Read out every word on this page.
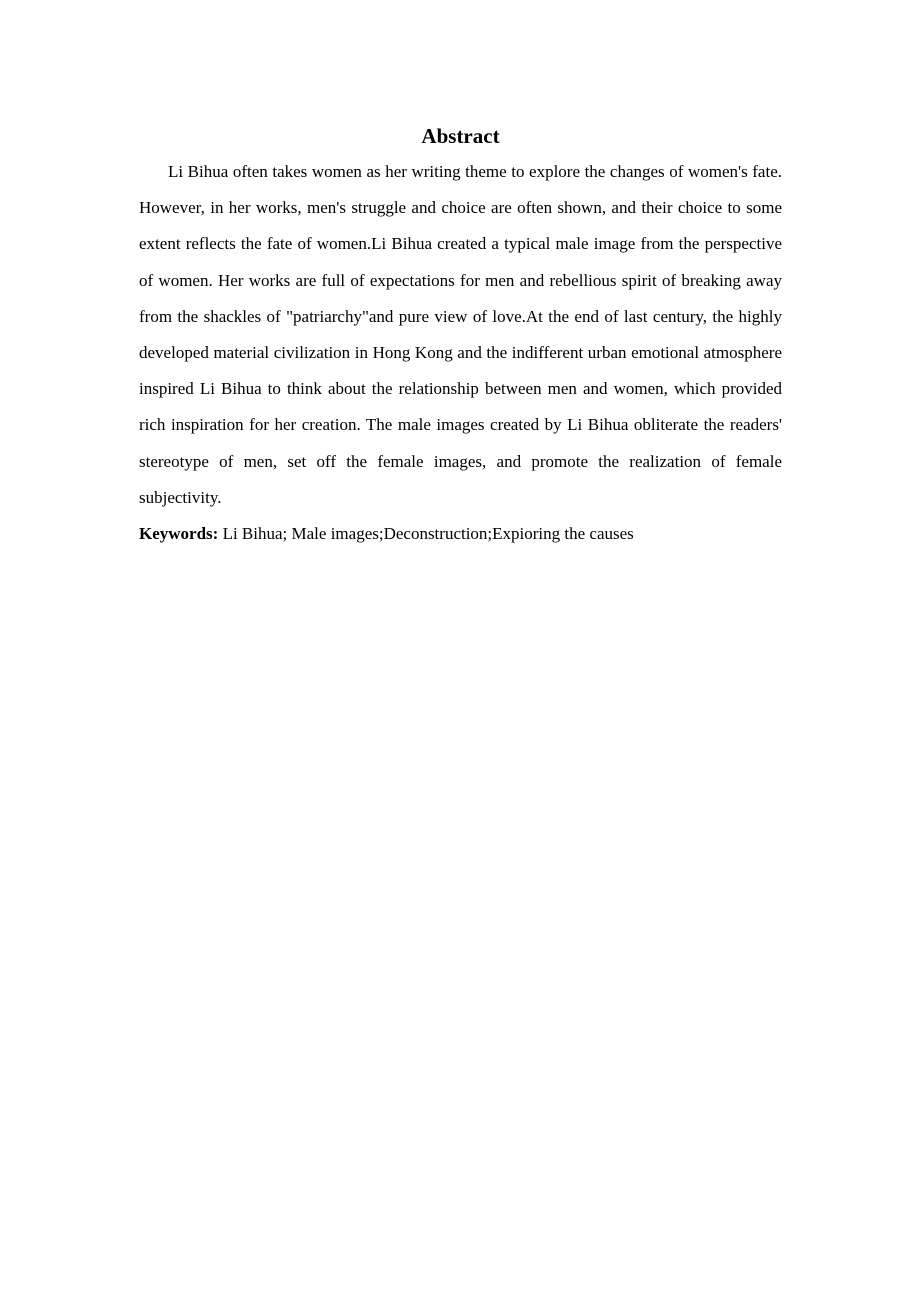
Abstract

Li Bihua often takes women as her writing theme to explore the changes of women's fate. However, in her works, men's struggle and choice are often shown, and their choice to some extent reflects the fate of women.Li Bihua created a typical male image from the perspective of women. Her works are full of expectations for men and rebellious spirit of breaking away from the shackles of "patriarchy"and pure view of love.At the end of last century, the highly developed material civilization in Hong Kong and the indifferent urban emotional atmosphere inspired Li Bihua to think about the relationship between men and women, which provided rich inspiration for her creation. The male images created by Li Bihua obliterate the readers' stereotype of men, set off the female images, and promote the realization of female subjectivity.

Keywords: Li Bihua; Male images;Deconstruction;Expioring the causes
